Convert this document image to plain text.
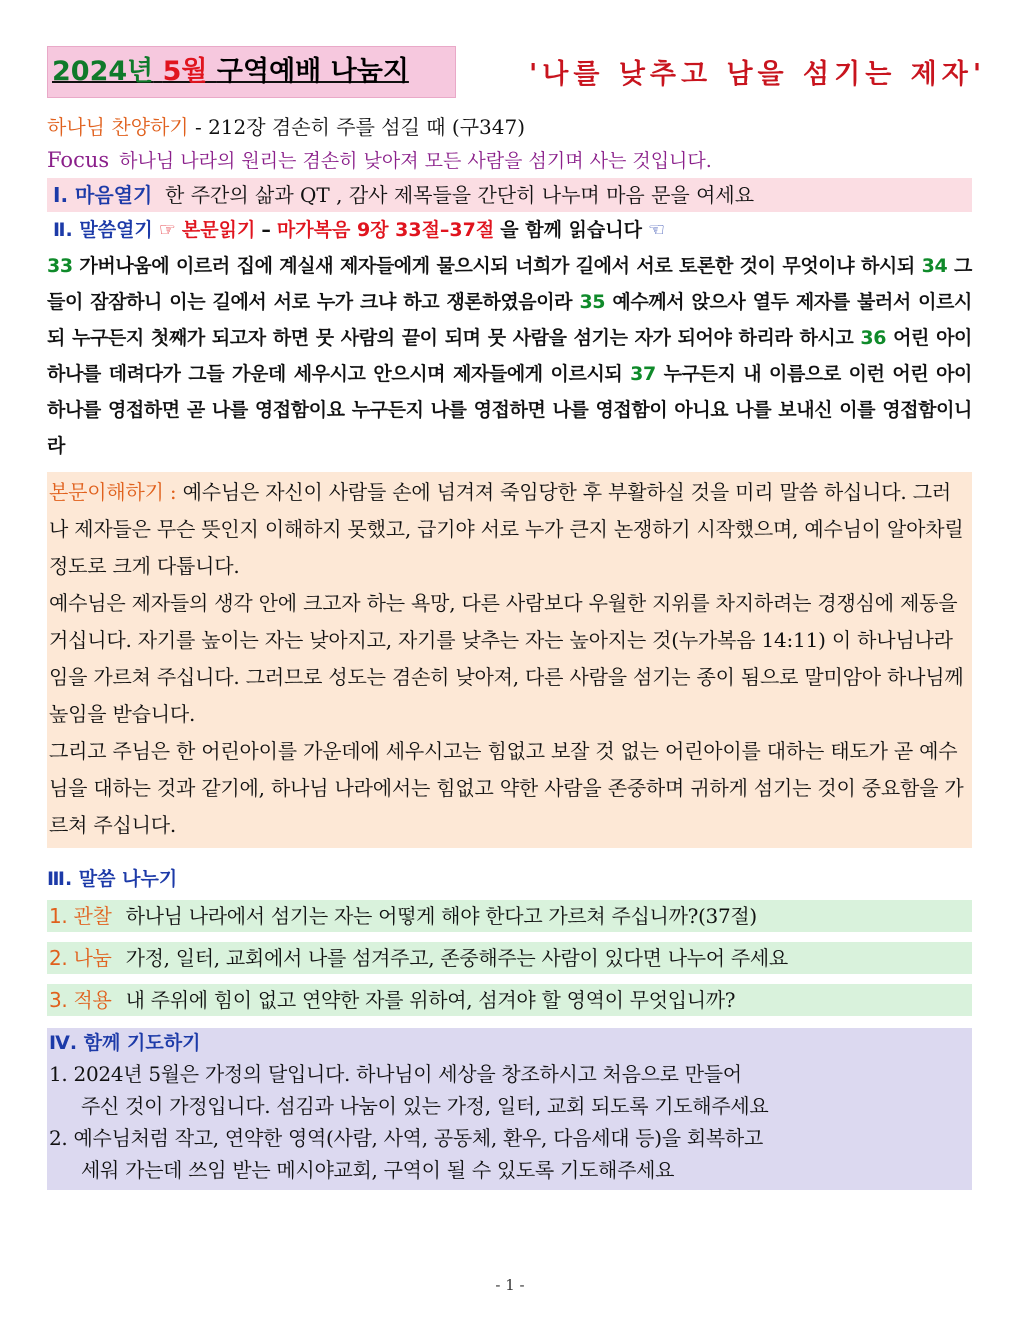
2024년 5월 구역예배 나눔지	'나를 낮추고 남을 섬기는 제자'
하나님 찬양하기 - 212장 겸손히 주를 섬길 때 (구347)
Focus 하나님 나라의 원리는 겸손히 낮아져 모든 사람을 섬기며 사는 것입니다.
Ⅰ. 마음열기 한 주간의 삶과 QT , 감사 제목들을 간단히 나누며 마음 문을 여세요
Ⅱ. 말씀열기 ☞ 본문읽기 – 마가복음 9장 33절–37절 을 함께 읽습니다 ☜
33 가버나움에 이르러 집에 계실새 제자들에게 물으시되 너희가 길에서 서로 토론한 것이 무엇이냐 하시되 34 그들이 잠잠하니 이는 길에서 서로 누가 크냐 하고 쟁론하였음이라 35 예수께서 앉으사 열두 제자를 불러서 이르시되 누구든지 첫째가 되고자 하면 뭇 사람의 끝이 되며 뭇 사람을 섬기는 자가 되어야 하리라 하시고 36 어린 아이 하나를 데려다가 그들 가운데 세우시고 안으시며 제자들에게 이르시되 37 누구든지 내 이름으로 이런 어린 아이 하나를 영접하면 곧 나를 영접함이요 누구든지 나를 영접하면 나를 영접함이 아니요 나를 보내신 이를 영접함이니라

본문이해하기 : 예수님은 자신이 사람들 손에 넘겨져 죽임당한 후 부활하실 것을 미리 말씀 하십니다. 그러나 제자들은 무슨 뜻인지 이해하지 못했고, 급기야 서로 누가 큰지 논쟁하기 시작했으며, 예수님이 알아차릴 정도로 크게 다툽니다.

예수님은 제자들의 생각 안에 크고자 하는 욕망, 다른 사람보다 우월한 지위를 차지하려는 경쟁심에 제동을 거십니다. 자기를 높이는 자는 낮아지고, 자기를 낮추는 자는 높아지는 것(누가복음 14:11) 이 하나님나라임을 가르쳐 주십니다. 그러므로 성도는 겸손히 낮아져, 다른 사람을 섬기는 종이 됨으로 말미암아 하나님께 높임을 받습니다.

그리고 주님은 한 어린아이를 가운데에 세우시고는 힘없고 보잘 것 없는 어린아이를 대하는 태도가 곧 예수님을 대하는 것과 같기에, 하나님 나라에서는 힘없고 약한 사람을 존중하며 귀하게 섬기는 것이 중요함을 가르쳐 주십니다.

Ⅲ. 말씀 나누기
1. 관찰 하나님 나라에서 섬기는 자는 어떻게 해야 한다고 가르쳐 주십니까?(37절)
2. 나눔 가정, 일터, 교회에서 나를 섬겨주고, 존중해주는 사람이 있다면 나누어 주세요
3. 적용 내 주위에 힘이 없고 연약한 자를 위하여, 섬겨야 할 영역이 무엇입니까?
Ⅳ. 함께 기도하기
1. 2024년 5월은 가정의 달입니다. 하나님이 세상을 창조하시고 처음으로 만들어
주신 것이 가정입니다. 섬김과 나눔이 있는 가정, 일터, 교회 되도록 기도해주세요
2. 예수님처럼 작고, 연약한 영역(사람, 사역, 공동체, 환우, 다음세대 등)을 회복하고
세워 가는데 쓰임 받는 메시야교회, 구역이 될 수 있도록 기도해주세요
- 1 -
